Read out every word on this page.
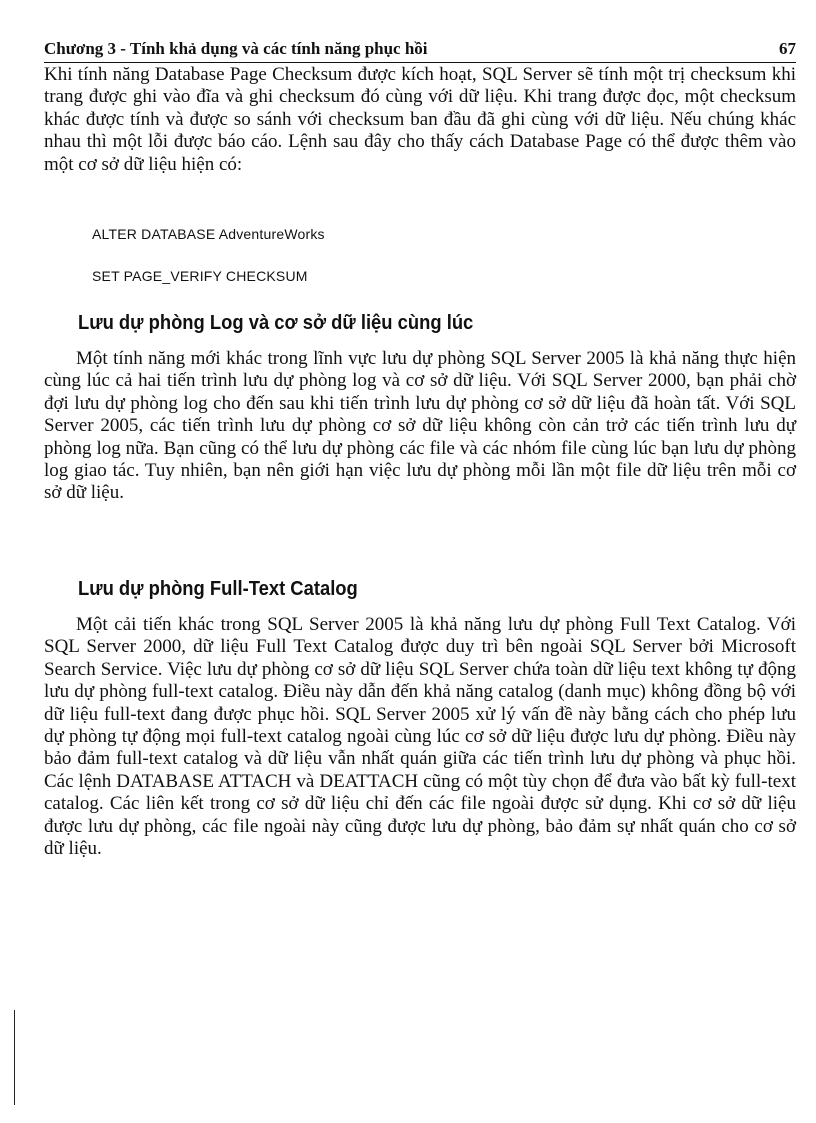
Chương 3 - Tính khả dụng và các tính năng phục hồi	67
Khi tính năng Database Page Checksum được kích hoạt, SQL Server sẽ tính một trị checksum khi trang được ghi vào đĩa và ghi checksum đó cùng với dữ liệu. Khi trang được đọc, một checksum khác được tính và được so sánh với checksum ban đầu đã ghi cùng với dữ liệu. Nếu chúng khác nhau thì một lỗi được báo cáo. Lệnh sau đây cho thấy cách Database Page có thể được thêm vào một cơ sở dữ liệu hiện có:
ALTER DATABASE AdventureWorks
SET PAGE_VERIFY CHECKSUM
Lưu dự phòng Log và cơ sở dữ liệu cùng lúc
Một tính năng mới khác trong lĩnh vực lưu dự phòng SQL Server 2005 là khả năng thực hiện cùng lúc cả hai tiến trình lưu dự phòng log và cơ sở dữ liệu. Với SQL Server 2000, bạn phải chờ đợi lưu dự phòng log cho đến sau khi tiến trình lưu dự phòng cơ sở dữ liệu đã hoàn tất. Với SQL Server 2005, các tiến trình lưu dự phòng cơ sở dữ liệu không còn cản trở các tiến trình lưu dự phòng log nữa. Bạn cũng có thể lưu dự phòng các file và các nhóm file cùng lúc bạn lưu dự phòng log giao tác. Tuy nhiên, bạn nên giới hạn việc lưu dự phòng mỗi lần một file dữ liệu trên mỗi cơ sở dữ liệu.
Lưu dự phòng Full-Text Catalog
Một cải tiến khác trong SQL Server 2005 là khả năng lưu dự phòng Full Text Catalog. Với SQL Server 2000, dữ liệu Full Text Catalog được duy trì bên ngoài SQL Server bởi Microsoft Search Service. Việc lưu dự phòng cơ sở dữ liệu SQL Server chứa toàn dữ liệu text không tự động lưu dự phòng full-text catalog. Điều này dẫn đến khả năng catalog (danh mục) không đồng bộ với dữ liệu full-text đang được phục hồi. SQL Server 2005 xử lý vấn đề này bằng cách cho phép lưu dự phòng tự động mọi full-text catalog ngoài cùng lúc cơ sở dữ liệu được lưu dự phòng. Điều này bảo đảm full-text catalog và dữ liệu vẫn nhất quán giữa các tiến trình lưu dự phòng và phục hồi. Các lệnh DATABASE ATTACH và DEATTACH cũng có một tùy chọn để đưa vào bất kỳ full-text catalog. Các liên kết trong cơ sở dữ liệu chỉ đến các file ngoài được sử dụng. Khi cơ sở dữ liệu được lưu dự phòng, các file ngoài này cũng được lưu dự phòng, bảo đảm sự nhất quán cho cơ sở dữ liệu.
